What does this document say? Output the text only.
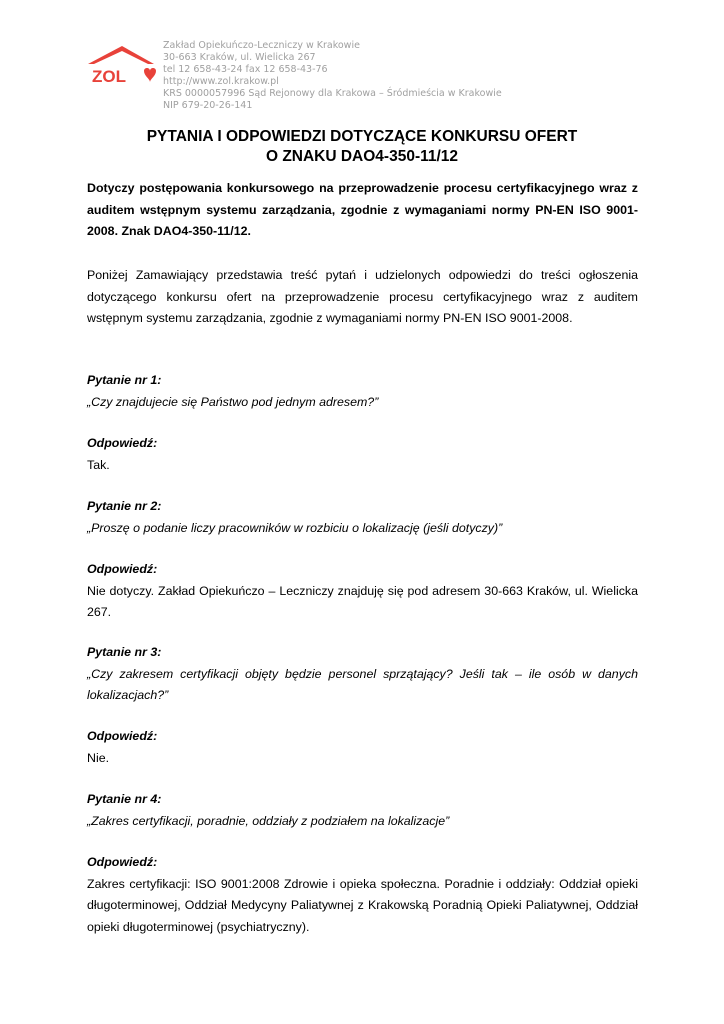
ZOL
Zakład Opiekuńczo-Leczniczy w Krakowie
30-663 Kraków, ul. Wielicka 267
tel 12 658-43-24 fax 12 658-43-76
http://www.zol.krakow.pl
KRS 0000057996 Sąd Rejonowy dla Krakowa – Śródmieścia w Krakowie
NIP 679-20-26-141
PYTANIA I ODPOWIEDZI DOTYCZĄCE KONKURSU OFERT
O ZNAKU DAO4-350-11/12
Dotyczy postępowania konkursowego na przeprowadzenie procesu certyfikacyjnego wraz z auditem wstępnym systemu zarządzania, zgodnie z wymaganiami normy PN-EN ISO 9001-2008. Znak DAO4-350-11/12.
Poniżej Zamawiający przedstawia treść pytań i udzielonych odpowiedzi do treści ogłoszenia dotyczącego konkursu ofert na przeprowadzenie procesu certyfikacyjnego wraz z auditem wstępnym systemu zarządzania, zgodnie z wymaganiami normy PN-EN ISO 9001-2008.
Pytanie nr 1:
„Czy znajdujecie się Państwo pod jednym adresem?”
Odpowiedź:
Tak.
Pytanie nr 2:
„Proszę o podanie liczy pracowników w rozbiciu o lokalizację (jeśli dotyczy)”
Odpowiedź:
Nie dotyczy. Zakład Opiekuńczo – Leczniczy znajduję się pod adresem 30-663 Kraków, ul. Wielicka 267.
Pytanie nr 3:
„Czy zakresem certyfikacji objęty będzie personel sprzątający? Jeśli tak – ile osób w danych lokalizacjach?”
Odpowiedź:
Nie.
Pytanie nr 4:
„Zakres certyfikacji, poradnie, oddziały z podziałem na lokalizacje”
Odpowiedź:
Zakres certyfikacji: ISO 9001:2008 Zdrowie i opieka społeczna. Poradnie i oddziały: Oddział opieki długoterminowej, Oddział Medycyny Paliatywnej z Krakowską Poradnią Opieki Paliatywnej, Oddział opieki długoterminowej (psychiatryczny).
